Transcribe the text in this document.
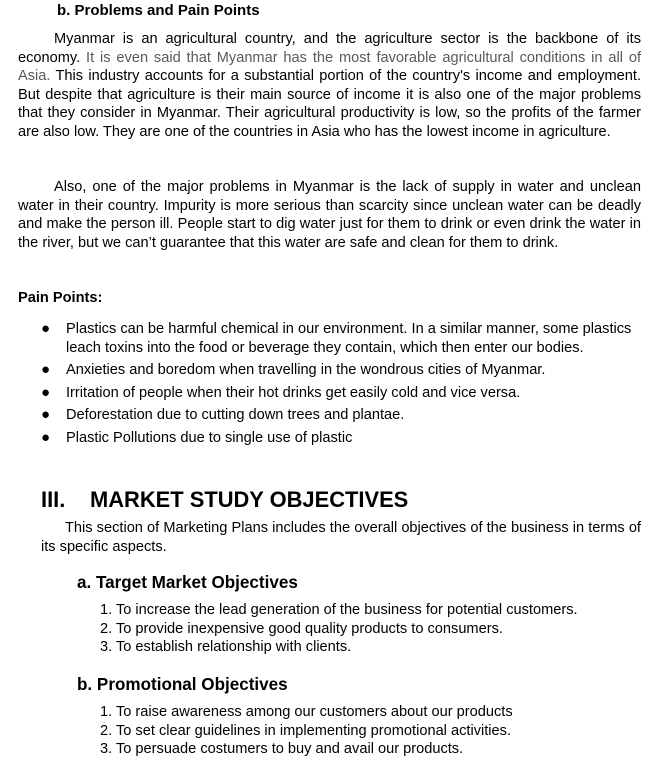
b. Problems and Pain Points

Myanmar is an agricultural country, and the agriculture sector is the backbone of its economy. It is even said that Myanmar has the most favorable agricultural conditions in all of Asia. This industry accounts for a substantial portion of the country's income and employment. But despite that agriculture is their main source of income it is also one of the major problems that they consider in Myanmar. Their agricultural productivity is low, so the profits of the farmer are also low. They are one of the countries in Asia who has the lowest income in agriculture.

Also, one of the major problems in Myanmar is the lack of supply in water and unclean water in their country. Impurity is more serious than scarcity since unclean water can be deadly and make the person ill. People start to dig water just for them to drink or even drink the water in the river, but we can’t guarantee that this water are safe and clean for them to drink.

Pain Points:

● Plastics can be harmful chemical in our environment. In a similar manner, some plastics leach toxins into the food or beverage they contain, which then enter our bodies.
● Anxieties and boredom when travelling in the wondrous cities of Myanmar.
● Irritation of people when their hot drinks get easily cold and vice versa.
● Deforestation due to cutting down trees and plantae.
● Plastic Pollutions due to single use of plastic
III. MARKET STUDY OBJECTIVES

This section of Marketing Plans includes the overall objectives of the business in terms of its specific aspects.

a. Target Market Objectives
1. To increase the lead generation of the business for potential customers.
2. To provide inexpensive good quality products to consumers.
3. To establish relationship with clients.
b. Promotional Objectives
1. To raise awareness among our customers about our products
2. To set clear guidelines in implementing promotional activities.
3. To persuade costumers to buy and avail our products.
